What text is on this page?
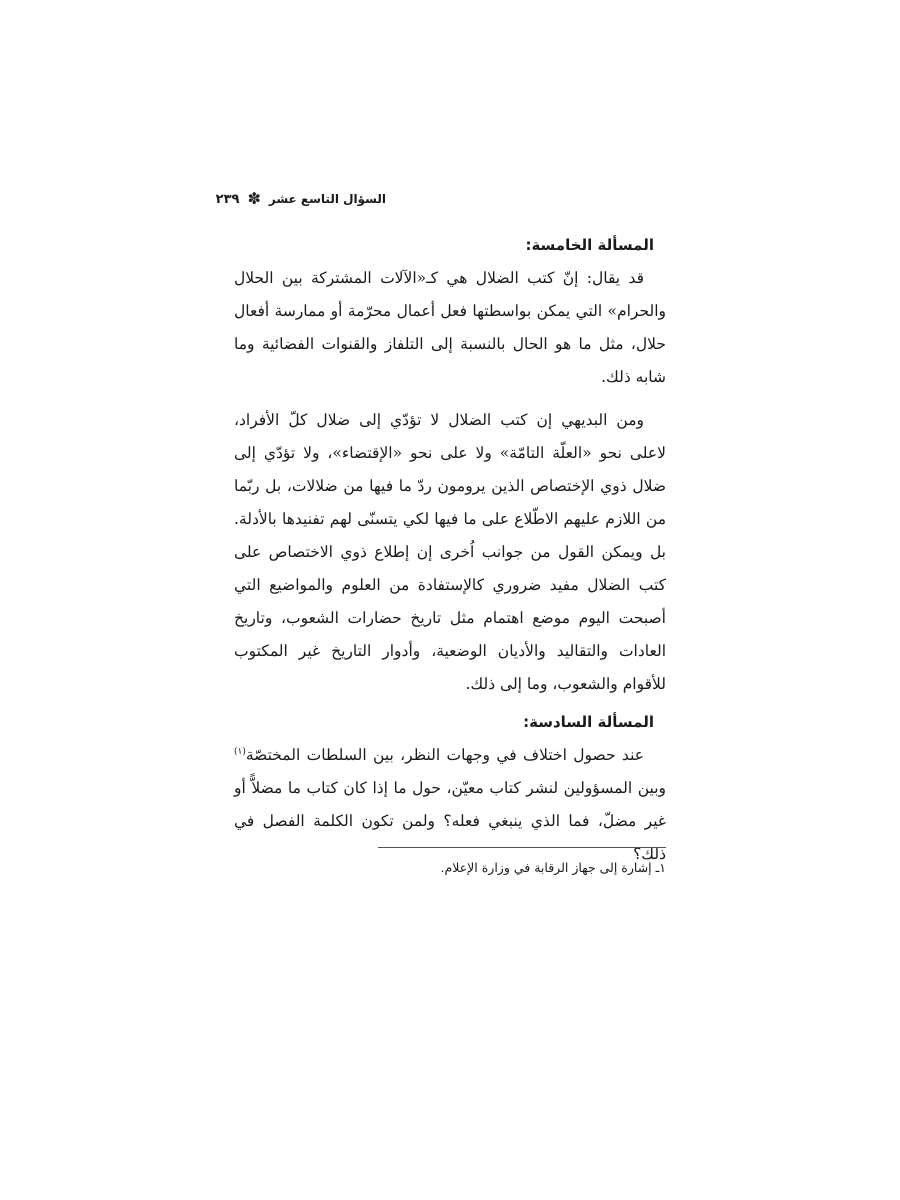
السؤال التاسع عشر
✽
٢٣٩
المسألة الخامسة:

قد يقال: إنّ كتب الضلال هي كـ«الآلات المشتركة بين الحلال والحرام» التي يمكن بواسطتها فعل أعمال محرّمة أو ممارسة أفعال حلال، مثل ما هو الحال بالنسبة إلى التلفاز والقنوات الفضائية وما شابه ذلك.

ومن البديهي إن كتب الضلال لا تؤدّي إلى ضلال كلّ الأفراد، لاعلى نحو «العلّة التامّة» ولا على نحو «الإقتضاء»، ولا تؤدّي إلى ضلال ذوي الإختصاص الذين يرومون ردّ ما فيها من ضلالات، بل ربّما من اللازم عليهم الاطّلاع على ما فيها لكي يتسنّى لهم تفنيدها بالأدلة. بل ويمكن القول من جوانب اُخرى إن إطلاع ذوي الاختصاص على كتب الضلال مفيد ضروري كالإستفادة من العلوم والمواضيع التي أصبحت اليوم موضع اهتمام مثل تاريخ حضارات الشعوب، وتاريخ العادات والتقاليد والأديان الوضعية، وأدوار التاريخ غير المكتوب للأقوام والشعوب، وما إلى ذلك.

المسألة السادسة:

عند حصول اختلاف في وجهات النظر، بين السلطات المختصّة$^{(١)}$ وبين المسؤولين لنشر كتاب معيّن، حول ما إذا كان كتاب ما مضلاًّ أو غير مضلّ، فما الذي ينبغي فعله؟ ولمن تكون الكلمة الفصل في ذلك؟

١ـ إشارة إلى جهاز الرقابة في وزارة الإعلام.
